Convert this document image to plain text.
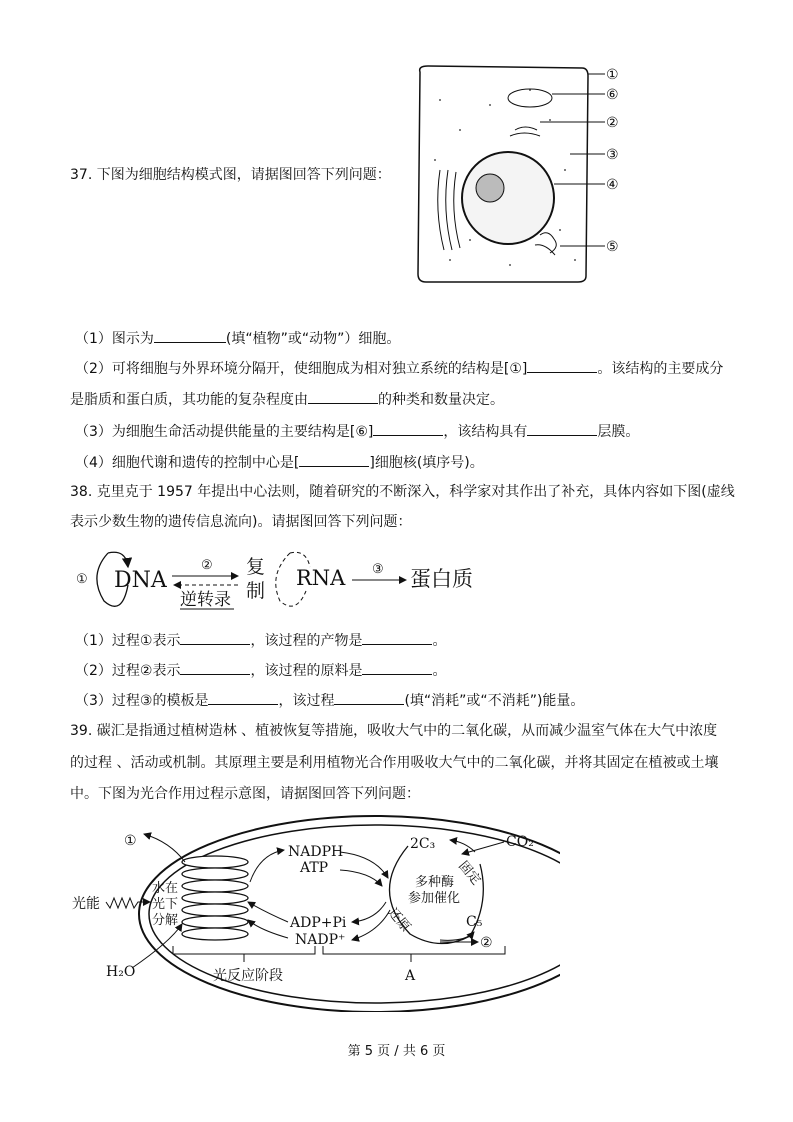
37. 下图为细胞结构模式图，请据图回答下列问题：
①
⑥
②
③
④
⑤
（1）图示为	(填“植物”或“动物”）细胞。
（2）可将细胞与外界环境分隔开，使细胞成为相对独立系统的结构是[①]	。该结构的主要成分
是脂质和蛋白质，其功能的复杂程度由	的种类和数量决定。
（3）为细胞生命活动提供能量的主要结构是[⑥]	，该结构具有	层膜。
（4）细胞代谢和遗传的控制中心是[	]细胞核(填序号)。
38. 克里克于 1957 年提出中心法则，随着研究的不断深入，科学家对其作出了补充，具体内容如下图(虚线
表示少数生物的遗传信息流向)。请据图回答下列问题：
① DNA
②
逆转录
复
制
RNA ③ 蛋白质
（1）过程①表示	，该过程的产物是	。
（2）过程②表示	，该过程的原料是	。
（3）过程③的模板是	，该过程	(填“消耗”或“不消耗”)能量。
39. 碳汇是指通过植树造林 、植被恢复等措施，吸收大气中的二氧化碳，从而减少温室气体在大气中浓度
的过程 、活动或机制。其原理主要是利用植物光合作用吸收大气中的二氧化碳，并将其固定在植被或土壤
中。下图为光合作用过程示意图，请据图回答下列问题：
①
光能
水在
光下
分解
H₂O
NADPH
ATP
ADP+Pi
NADP⁺
2C₃	CO₂
固定
多种酶
参加催化
还原	C₅
②
光反应阶段	A
第 5 页 / 共 6 页
